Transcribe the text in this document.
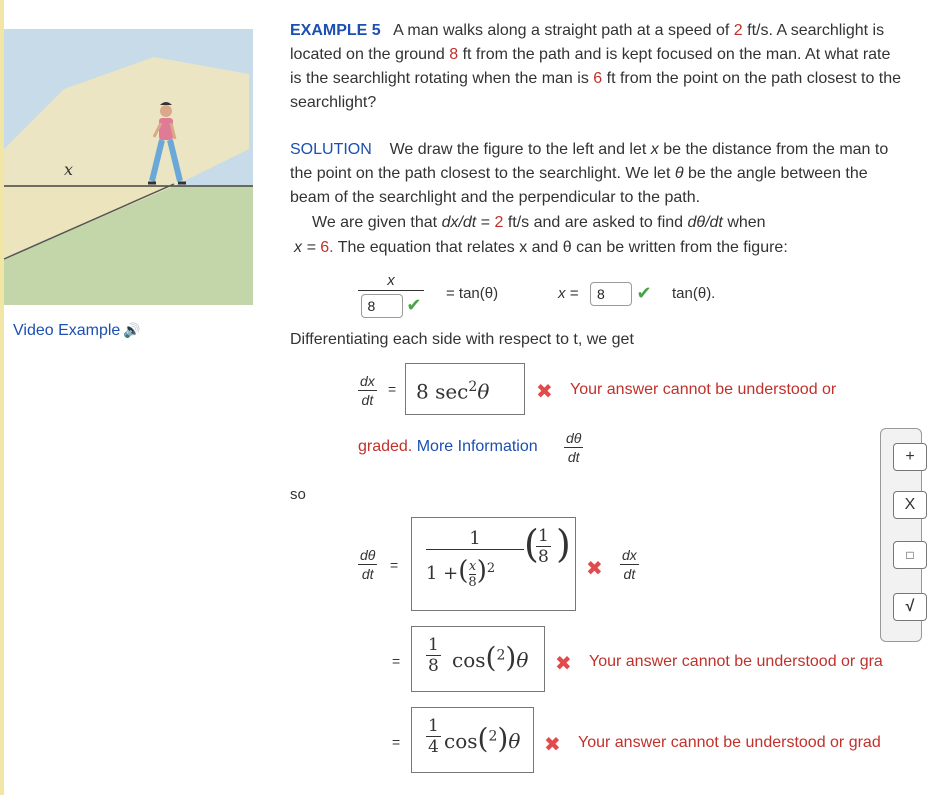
x
Video Example 🔊
EXAMPLE 5 A man walks along a straight path at a speed of 2 ft/s. A searchlight is located on the ground 8 ft from the path and is kept focused on the man. At what rate is the searchlight rotating when the man is 6 ft from the point on the path closest to the searchlight?
SOLUTION We draw the figure to the left and let x be the distance from the man to the point on the path closest to the searchlight. We let θ be the angle between the beam of the searchlight and the perpendicular to the path.
We are given that dx/dt = 2 ft/s and are asked to find dθ/dt when
x = 6. The equation that relates x and θ can be written from the figure:
$\frac{x}{8 ✔} = \tan(\theta)$	x =	8 ✔ tan(θ).
Differentiating each side with respect to t, we get
$\frac{dx}{dt} = 8$ $\sec^2\theta$ ✖ Your answer cannot be understood or
graded. More Information $\frac{d\theta}{dt}$
so
$\frac{d\theta}{dt}$ =
1
1 +( $\frac{x}{8} )^2$
( 1
8 )
✖ $\frac{dx}{dt}$
=
1
8 cos($^2$)θ ✖ Your answer cannot be understood or gra
=
1
4 cos($^2$)θ ✖ Your answer cannot be understood or grad
+
X
□
√
